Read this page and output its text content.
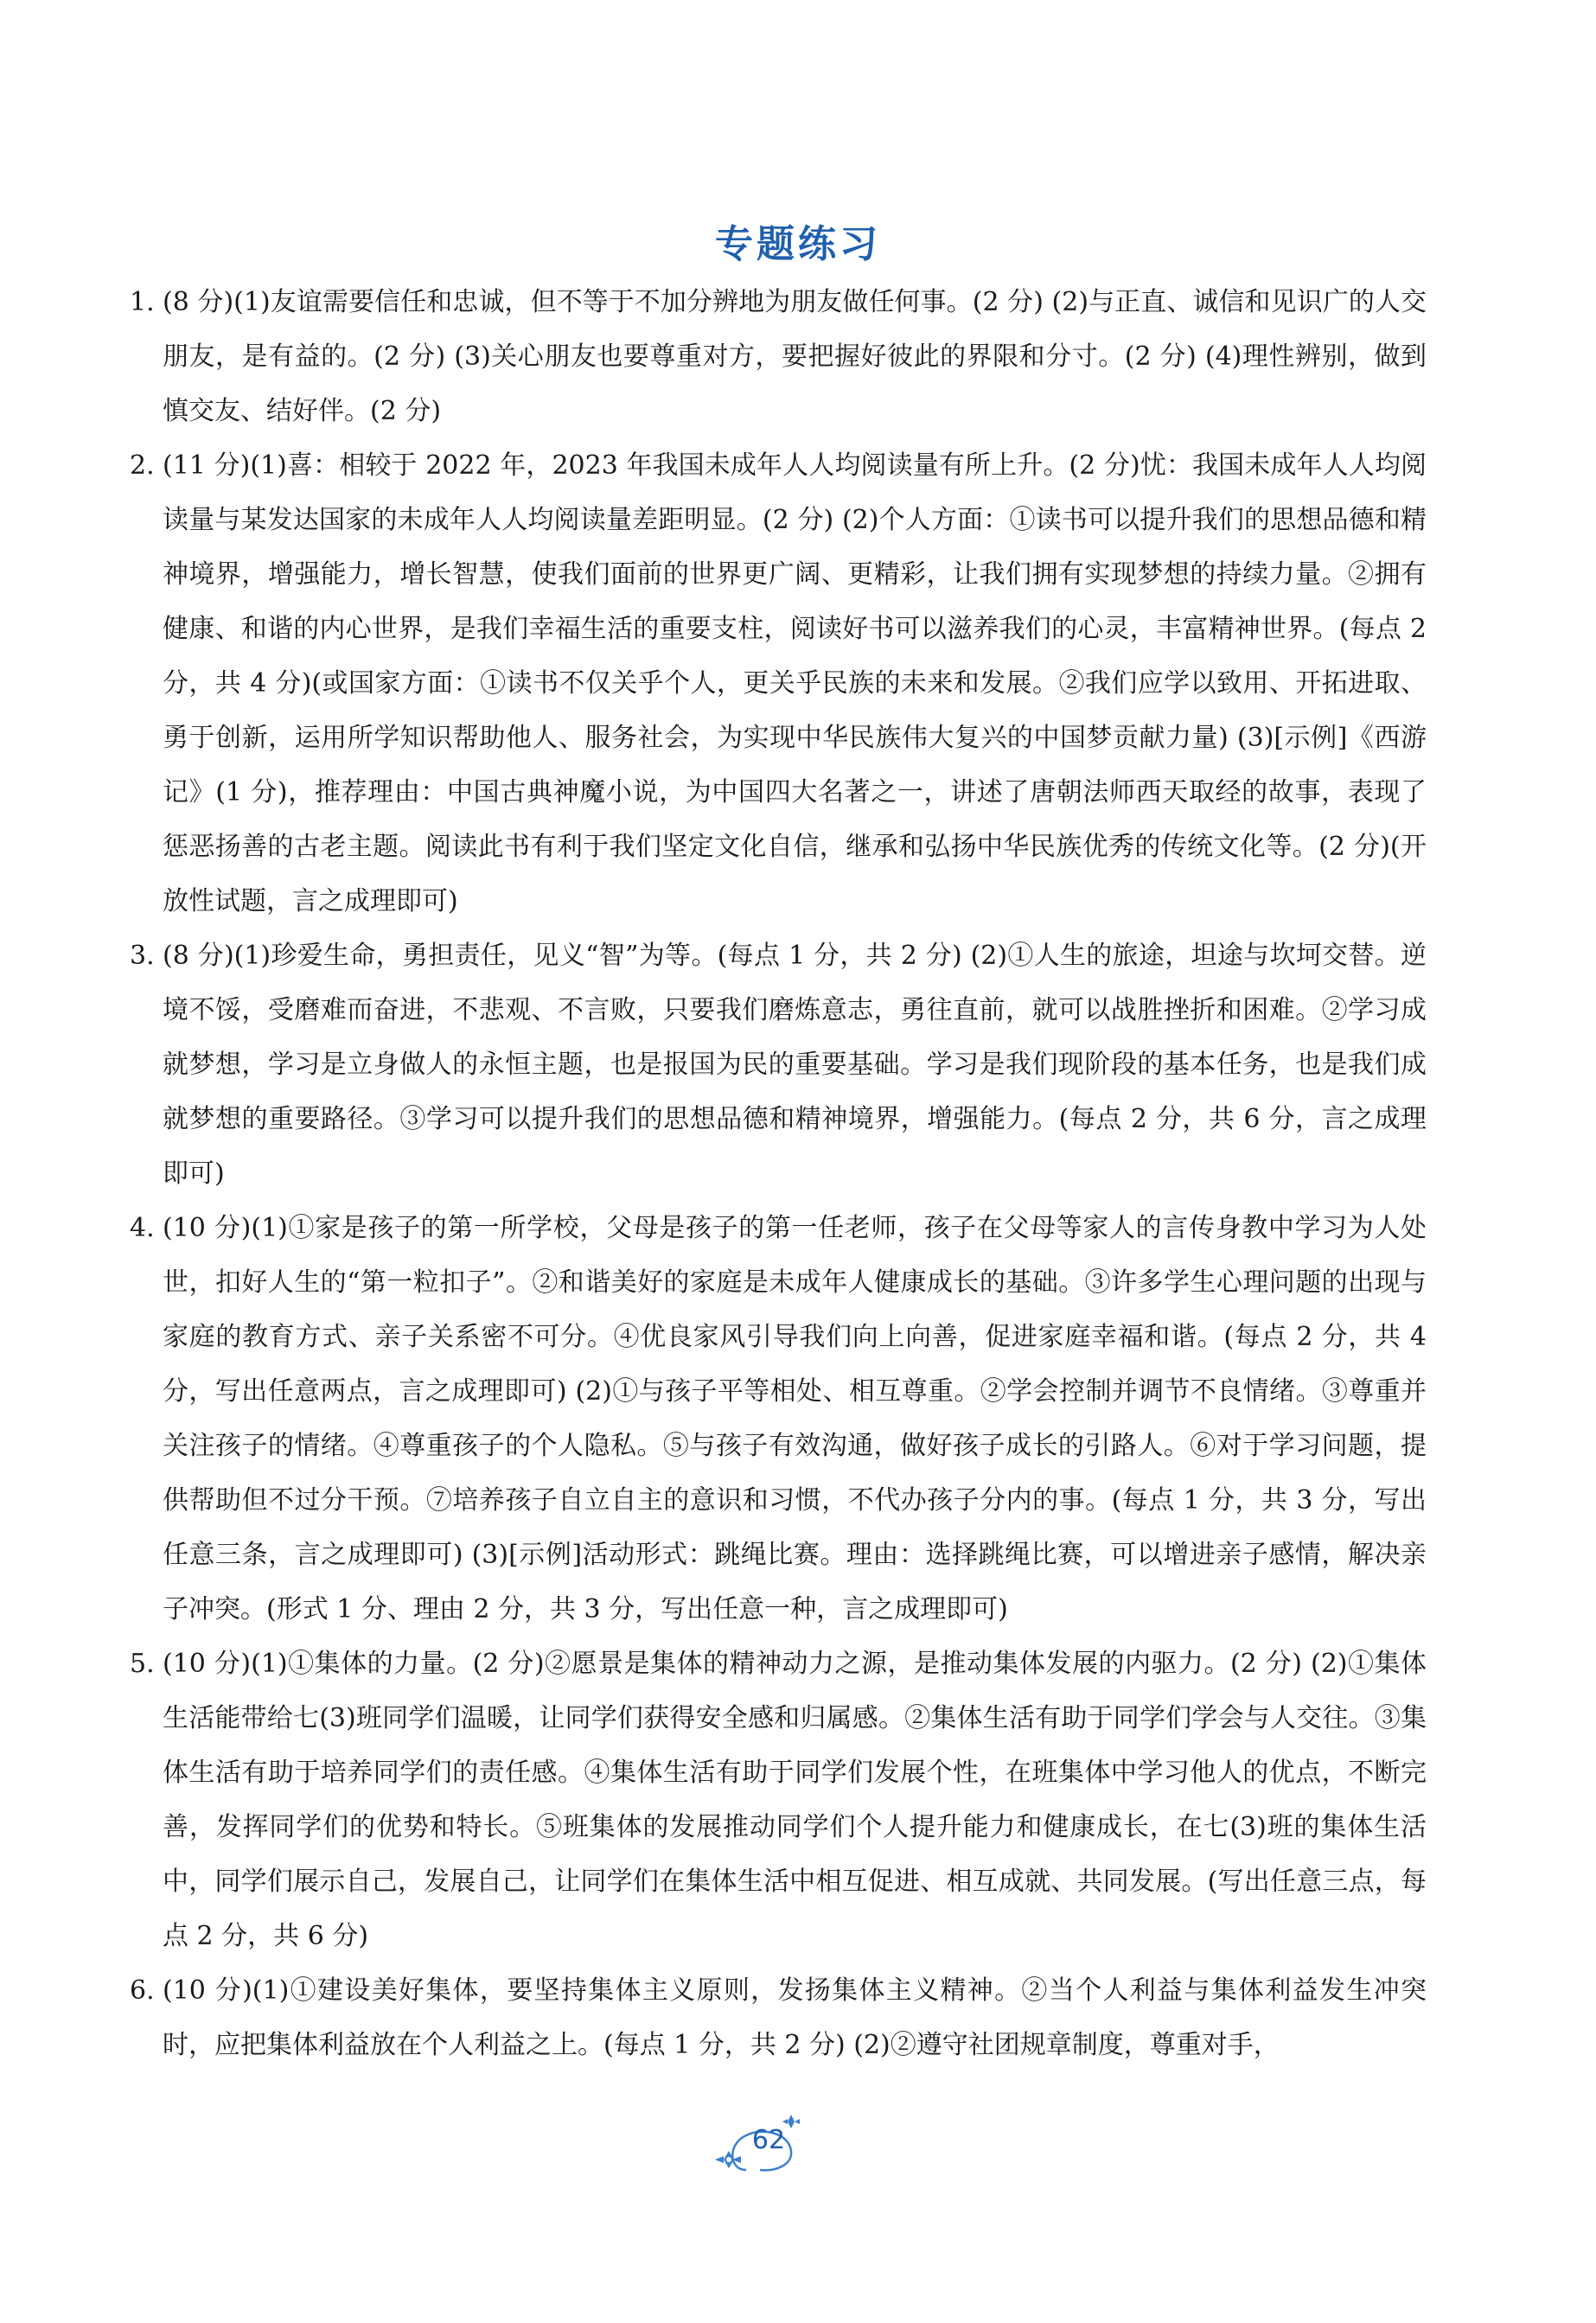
专题练习
1. (8 分)(1)友谊需要信任和忠诚，但不等于不加分辨地为朋友做任何事。(2 分) (2)与正直、诚信和见识广的人交朋友，是有益的。(2 分) (3)关心朋友也要尊重对方，要把握好彼此的界限和分寸。(2 分) (4)理性辨别，做到慎交友、结好伴。(2 分)
2. (11 分)(1)喜：相较于 2022 年，2023 年我国未成年人人均阅读量有所上升。(2 分)忧：我国未成年人人均阅读量与某发达国家的未成年人人均阅读量差距明显。(2 分) (2)个人方面：①读书可以提升我们的思想品德和精神境界，增强能力，增长智慧，使我们面前的世界更广阔、更精彩，让我们拥有实现梦想的持续力量。②拥有健康、和谐的内心世界，是我们幸福生活的重要支柱，阅读好书可以滋养我们的心灵，丰富精神世界。(每点 2 分，共 4 分)(或国家方面：①读书不仅关乎个人，更关乎民族的未来和发展。②我们应学以致用、开拓进取、勇于创新，运用所学知识帮助他人、服务社会，为实现中华民族伟大复兴的中国梦贡献力量) (3)[示例]《西游记》(1 分)，推荐理由：中国古典神魔小说，为中国四大名著之一，讲述了唐朝法师西天取经的故事，表现了惩恶扬善的古老主题。阅读此书有利于我们坚定文化自信，继承和弘扬中华民族优秀的传统文化等。(2 分)(开放性试题，言之成理即可)
3. (8 分)(1)珍爱生命，勇担责任，见义“智”为等。(每点 1 分，共 2 分) (2)①人生的旅途，坦途与坎坷交替。逆境不馁，受磨难而奋进，不悲观、不言败，只要我们磨炼意志，勇往直前，就可以战胜挫折和困难。②学习成就梦想，学习是立身做人的永恒主题，也是报国为民的重要基础。学习是我们现阶段的基本任务，也是我们成就梦想的重要路径。③学习可以提升我们的思想品德和精神境界，增强能力。(每点 2 分，共 6 分，言之成理即可)
4. (10 分)(1)①家是孩子的第一所学校，父母是孩子的第一任老师，孩子在父母等家人的言传身教中学习为人处世，扣好人生的“第一粒扣子”。②和谐美好的家庭是未成年人健康成长的基础。③许多学生心理问题的出现与家庭的教育方式、亲子关系密不可分。④优良家风引导我们向上向善，促进家庭幸福和谐。(每点 2 分，共 4 分，写出任意两点，言之成理即可) (2)①与孩子平等相处、相互尊重。②学会控制并调节不良情绪。③尊重并关注孩子的情绪。④尊重孩子的个人隐私。⑤与孩子有效沟通，做好孩子成长的引路人。⑥对于学习问题，提供帮助但不过分干预。⑦培养孩子自立自主的意识和习惯，不代办孩子分内的事。(每点 1 分，共 3 分，写出任意三条，言之成理即可) (3)[示例]活动形式：跳绳比赛。理由：选择跳绳比赛，可以增进亲子感情，解决亲子冲突。(形式 1 分、理由 2 分，共 3 分，写出任意一种，言之成理即可)
5. (10 分)(1)①集体的力量。(2 分)②愿景是集体的精神动力之源，是推动集体发展的内驱力。(2 分) (2)①集体生活能带给七(3)班同学们温暖，让同学们获得安全感和归属感。②集体生活有助于同学们学会与人交往。③集体生活有助于培养同学们的责任感。④集体生活有助于同学们发展个性，在班集体中学习他人的优点，不断完善，发挥同学们的优势和特长。⑤班集体的发展推动同学们个人提升能力和健康成长，在七(3)班的集体生活中，同学们展示自己，发展自己，让同学们在集体生活中相互促进、相互成就、共同发展。(写出任意三点，每点 2 分，共 6 分)
6. (10 分)(1)①建设美好集体，要坚持集体主义原则，发扬集体主义精神。②当个人利益与集体利益发生冲突时，应把集体利益放在个人利益之上。(每点 1 分，共 2 分) (2)②遵守社团规章制度，尊重对手，
62
